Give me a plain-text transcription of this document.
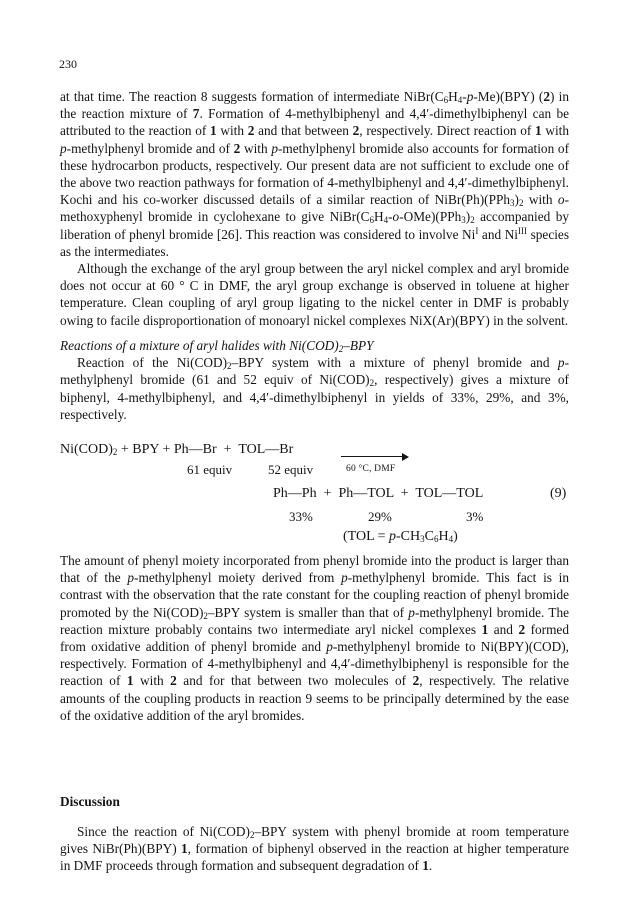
230

at that time. The reaction 8 suggests formation of intermediate $NiBr(C_6H_4-p-Me)(BPY)$ (2) in the reaction mixture of 7. Formation of 4-methylbiphenyl and 4,4′-dimethylbiphenyl can be attributed to the reaction of 1 with 2 and that between 2, respectively. Direct reaction of 1 with p-methylphenyl bromide and of 2 with p-methylphenyl bromide also accounts for formation of these hydrocarbon products, respectively. Our present data are not sufficient to exclude one of the above two reaction pathways for formation of 4-methylbiphenyl and 4,4′-dimethylbiphenyl. Kochi and his co-worker discussed details of a similar reaction of $NiBr(Ph)(PPh_3)_2$ with o-methoxyphenyl bromide in cyclohexane to give $NiBr(C_6H_4-o-OMe)(PPh_3)_2$ accompanied by liberation of phenyl bromide [26]. This reaction was considered to involve $Ni^I$ and $Ni^{III}$ species as the intermediates.

Although the exchange of the aryl group between the aryl nickel complex and aryl bromide does not occur at 60 ° C in DMF, the aryl group exchange is observed in toluene at higher temperature. Clean coupling of aryl group ligating to the nickel center in DMF is probably owing to facile disproportionation of monoaryl nickel complexes NiX(Ar)(BPY) in the solvent.

Reactions of a mixture of aryl halides with $Ni(COD)_2$–BPY

Reaction of the $Ni(COD)_2$–BPY system with a mixture of phenyl bromide and p-methylphenyl bromide (61 and 52 equiv of $Ni(COD)_2$, respectively) gives a mixture of biphenyl, 4-methylbiphenyl, and 4,4′-dimethylbiphenyl in yields of 33%, 29%, and 3%, respectively.

$Ni(COD)_2$ + BPY + Ph—Br  +  TOL—Br
60 °C, DMF
61 equiv	52 equiv
Ph—Ph  +  Ph—TOL  +  TOL—TOL	(9)
33%	29%	3%
$(TOL = p-CH_3C_6H_4)$

The amount of phenyl moiety incorporated from phenyl bromide into the product is larger than that of the p-methylphenyl moiety derived from p-methylphenyl bromide. This fact is in contrast with the observation that the rate constant for the coupling reaction of phenyl bromide promoted by the $Ni(COD)_2$–BPY system is smaller than that of p-methylphenyl bromide. The reaction mixture probably contains two intermediate aryl nickel complexes 1 and 2 formed from oxidative addition of phenyl bromide and p-methylphenyl bromide to Ni(BPY)(COD), respectively. Formation of 4-methylbiphenyl and 4,4′-dimethylbiphenyl is responsible for the reaction of 1 with 2 and for that between two molecules of 2, respectively. The relative amounts of the coupling products in reaction 9 seems to be principally determined by the ease of the oxidative addition of the aryl bromides.

Discussion

Since the reaction of $Ni(COD)_2$–BPY system with phenyl bromide at room temperature gives NiBr(Ph)(BPY) 1, formation of biphenyl observed in the reaction at higher temperature in DMF proceeds through formation and subsequent degradation of 1.
